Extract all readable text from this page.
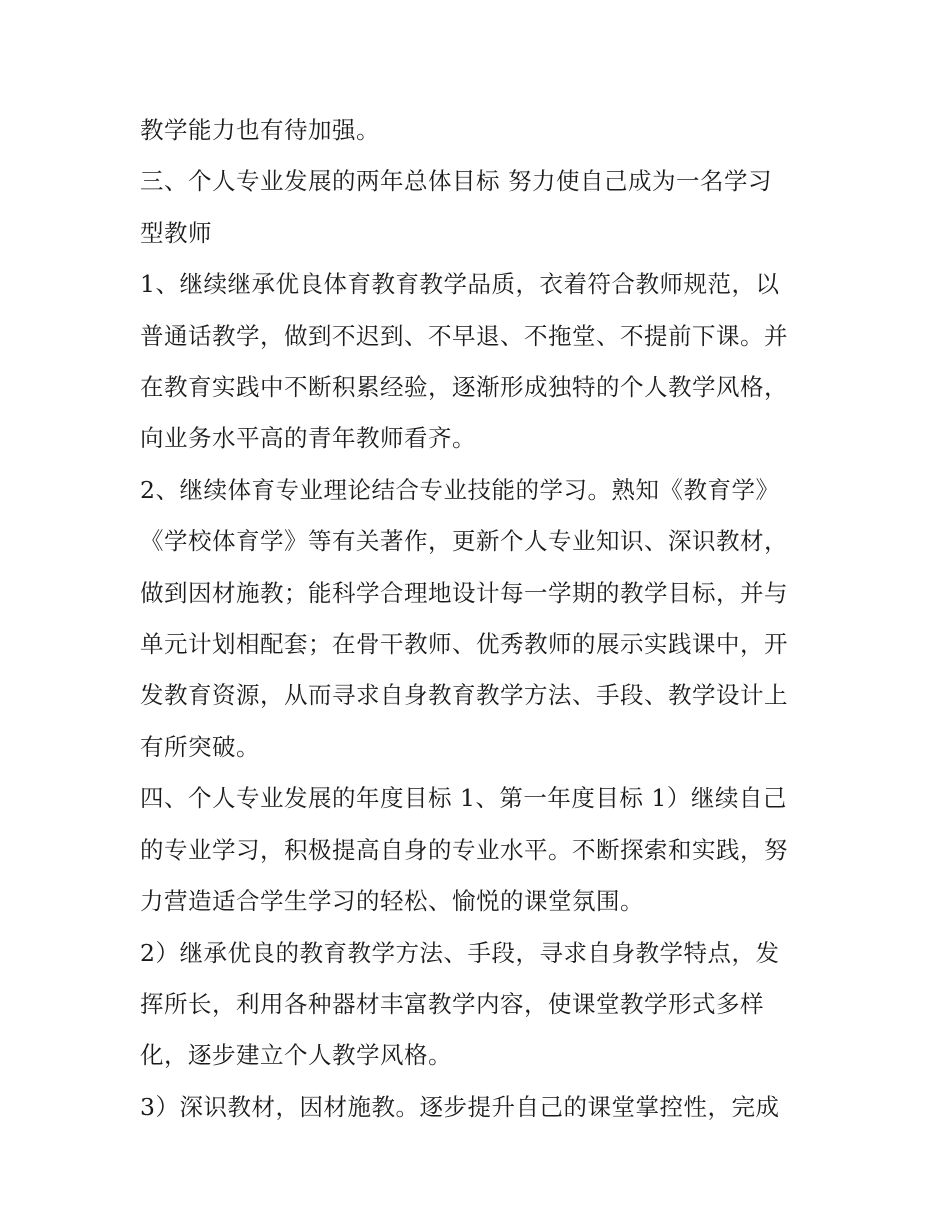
教学能力也有待加强。

三、个人专业发展的两年总体目标 努力使自己成为一名学习
型教师

1、继续继承优良体育教育教学品质，衣着符合教师规范，以
普通话教学，做到不迟到、不早退、不拖堂、不提前下课。并
在教育实践中不断积累经验，逐渐形成独特的个人教学风格，
向业务水平高的青年教师看齐。

2、继续体育专业理论结合专业技能的学习。熟知《教育学》
《学校体育学》等有关著作，更新个人专业知识、深识教材，
做到因材施教；能科学合理地设计每一学期的教学目标，并与
单元计划相配套；在骨干教师、优秀教师的展示实践课中，开
发教育资源，从而寻求自身教育教学方法、手段、教学设计上
有所突破。

四、个人专业发展的年度目标 1、第一年度目标 1）继续自己
的专业学习，积极提高自身的专业水平。不断探索和实践，努
力营造适合学生学习的轻松、愉悦的课堂氛围。

2）继承优良的教育教学方法、手段，寻求自身教学特点，发
挥所长，利用各种器材丰富教学内容，使课堂教学形式多样
化，逐步建立个人教学风格。

3）深识教材，因材施教。逐步提升自己的课堂掌控性，完成
